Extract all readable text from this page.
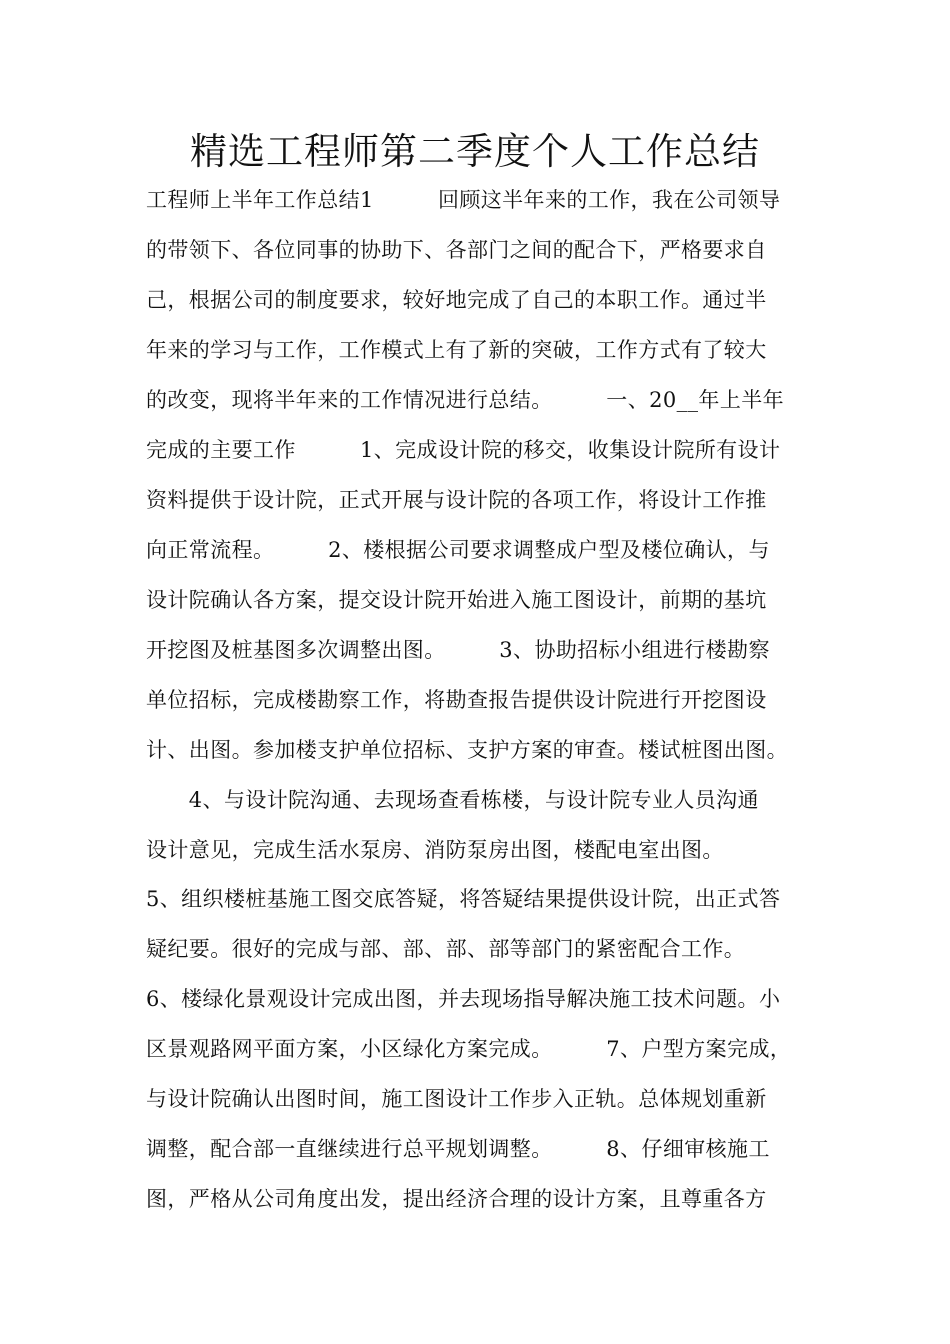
精选工程师第二季度个人工作总结
工程师上半年工作总结1　　　回顾这半年来的工作，我在公司领导
的带领下、各位同事的协助下、各部门之间的配合下，严格要求自
己，根据公司的制度要求，较好地完成了自己的本职工作。通过半
年来的学习与工作，工作模式上有了新的突破，工作方式有了较大
的改变，现将半年来的工作情况进行总结。　　　一、20__年上半年
完成的主要工作　　　1、完成设计院的移交，收集设计院所有设计
资料提供于设计院，正式开展与设计院的各项工作，将设计工作推
向正常流程。　　　2、楼根据公司要求调整成户型及楼位确认，与
设计院确认各方案，提交设计院开始进入施工图设计，前期的基坑
开挖图及桩基图多次调整出图。　　　3、协助招标小组进行楼勘察
单位招标，完成楼勘察工作，将勘查报告提供设计院进行开挖图设
计、出图。参加楼支护单位招标、支护方案的审查。楼试桩图出图。
　　4、与设计院沟通、去现场查看栋楼，与设计院专业人员沟通
设计意见，完成生活水泵房、消防泵房出图，楼配电室出图。
5、组织楼桩基施工图交底答疑，将答疑结果提供设计院，出正式答
疑纪要。很好的完成与部、部、部、部等部门的紧密配合工作。
6、楼绿化景观设计完成出图，并去现场指导解决施工技术问题。小
区景观路网平面方案，小区绿化方案完成。　　　7、户型方案完成，
与设计院确认出图时间，施工图设计工作步入正轨。总体规划重新
调整，配合部一直继续进行总平规划调整。　　　8、仔细审核施工
图，严格从公司角度出发，提出经济合理的设计方案，且尊重各方
